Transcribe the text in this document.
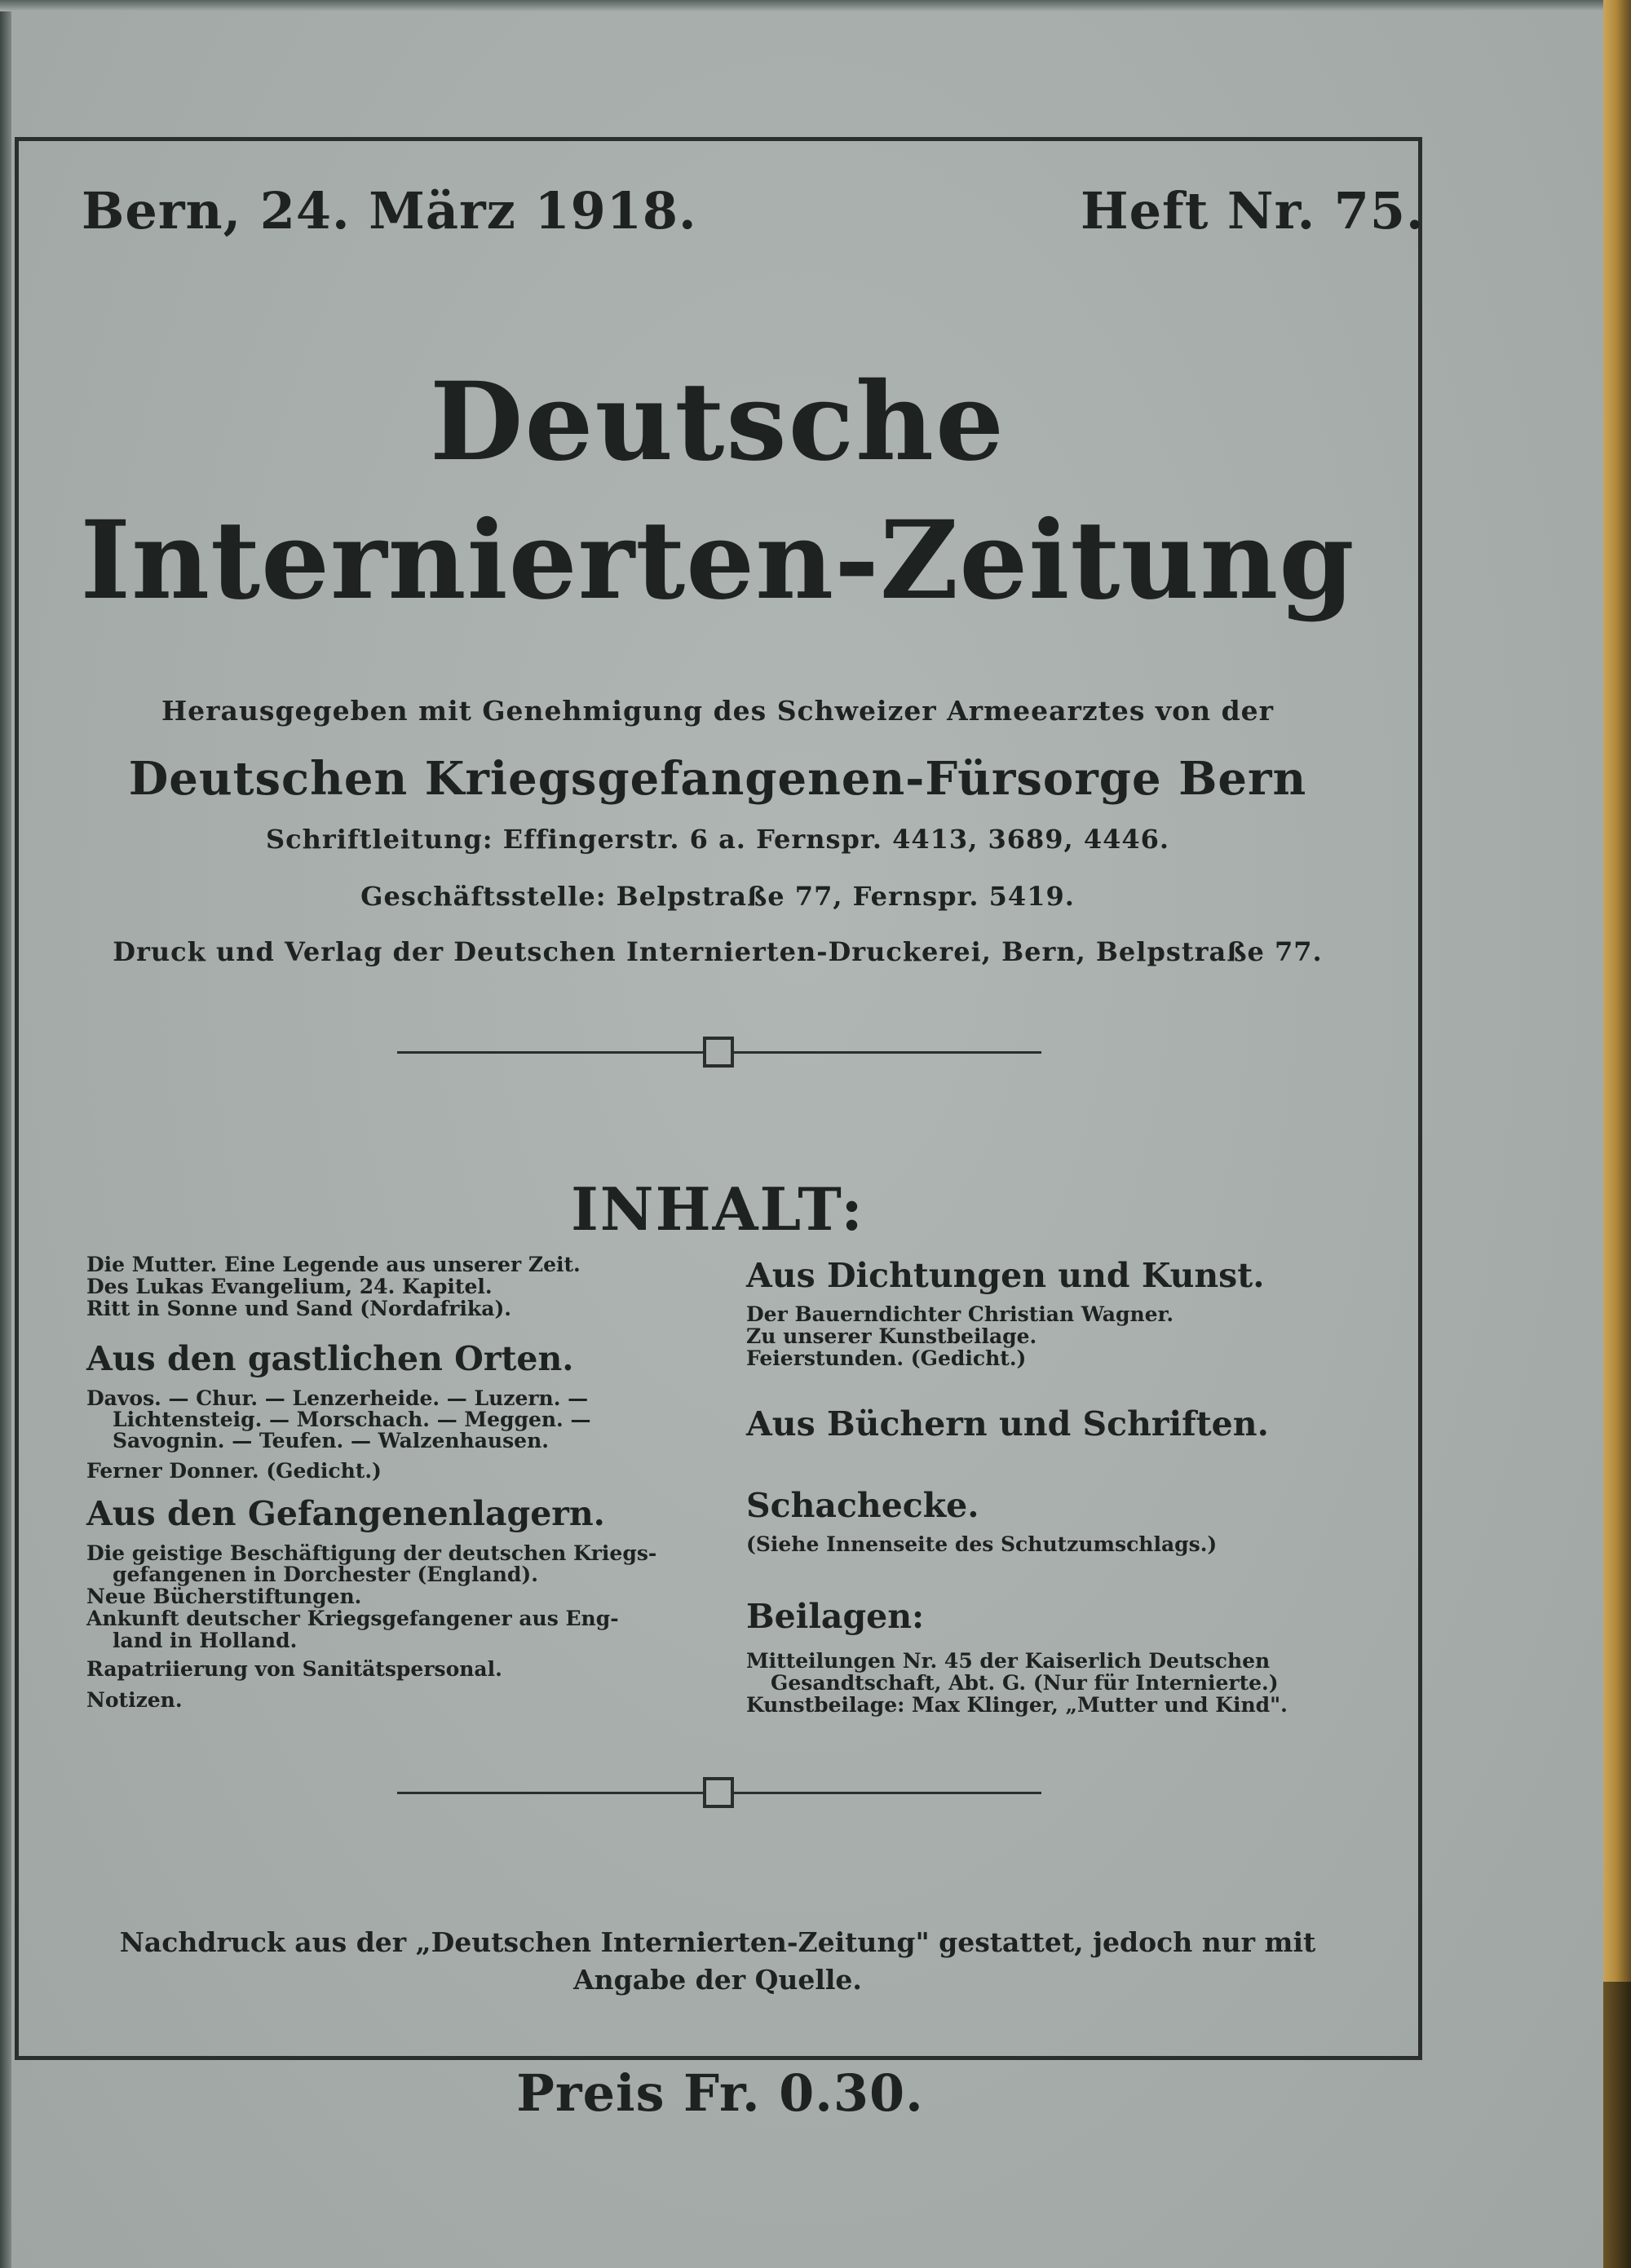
Bern, 24. März 1918.	Heft Nr. 75.
Deutsche
Internierten-Zeitung
Herausgegeben mit Genehmigung des Schweizer Armeearztes von der
Deutschen Kriegsgefangenen-Fürsorge Bern
Schriftleitung: Effingerstr. 6 a. Fernspr. 4413, 3689, 4446.
Geschäftsstelle: Belpstraße 77, Fernspr. 5419.
Druck und Verlag der Deutschen Internierten-Druckerei, Bern, Belpstraße 77.
INHALT:
Die Mutter. Eine Legende aus unserer Zeit.
Des Lukas Evangelium, 24. Kapitel.
Ritt in Sonne und Sand (Nordafrika).
Aus den gastlichen Orten.
Davos. — Chur. — Lenzerheide. — Luzern. —
Lichtensteig. — Morschach. — Meggen. —
Savognin. — Teufen. — Walzenhausen.
Ferner Donner. (Gedicht.)
Aus den Gefangenenlagern.
Die geistige Beschäftigung der deutschen Kriegs-
gefangenen in Dorchester (England).
Neue Bücherstiftungen.
Ankunft deutscher Kriegsgefangener aus Eng-
land in Holland.
Rapatriierung von Sanitätspersonal.
Notizen.
Aus Dichtungen und Kunst.
Der Bauerndichter Christian Wagner.
Zu unserer Kunstbeilage.
Feierstunden. (Gedicht.)
Aus Büchern und Schriften.
Schachecke.
(Siehe Innenseite des Schutzumschlags.)
Beilagen:
Mitteilungen Nr. 45 der Kaiserlich Deutschen
Gesandtschaft, Abt. G. (Nur für Internierte.)
Kunstbeilage: Max Klinger, „Mutter und Kind".
Nachdruck aus der „Deutschen Internierten-Zeitung" gestattet, jedoch nur mit
Angabe der Quelle.
Preis Fr. 0.30.
